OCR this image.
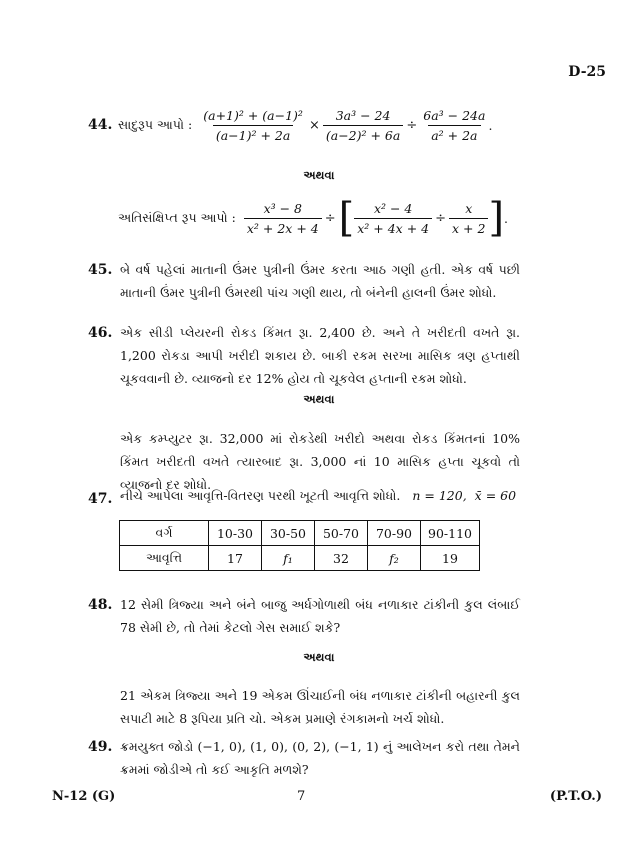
D-25
44. સાદુરૂપ આપો : $\frac{\text{(a+1)² + (a−1)²}}{\text{(a−1)² + 2a}} \times \frac{\text{3a³ − 24}}{\text{(a−2)² + 6a}} \div \frac{\text{6a³ − 24a}}{\text{a² + 2a}}$ .
અથવા
અતિસંક્ષિપ્ત રૂપ આપો : $\frac{\text{x³ − 8}}{\text{x² + 2x + 4}}$ ÷ [ $\frac{\text{x² − 4}}{\text{x² + 4x + 4}} \div \frac{x}{x + 2}$ ] .
45. બે વર્ષ પહેલાં માતાની ઉંમર પુત્રીની ઉંમર કરતા આઠ ગણી હતી. એક વર્ષ પછી માતાની ઉંમર પુત્રીની ઉંમરથી પાંચ ગણી થાય, તો બંનેની હાલની ઉંમર શોધો.
46. એક સીડી પ્લેયરની રોકડ કિંમત રૂા. 2,400 છે. અને તે ખરીદતી વખતે રૂા. 1,200 રોકડા આપી ખરીદી શકાય છે. બાકી રકમ સરખા માસિક ત્રણ હપ્તાથી ચૂકવવાની છે. વ્યાજનો દર 12% હોય તો ચૂકવેલ હપ્તાની રકમ શોધો.
અથવા
એક કમ્પ્યુટર રૂા. 32,000 માં રોકડેથી ખરીદો અથવા રોકડ કિંમતનાં 10% કિંમત ખરીદતી વખતે ત્યારબાદ રૂા. 3,000 નાં 10 માસિક હપ્તા ચૂકવો તો વ્યાજનો દર શોધો.
47. નીચે આપેલા આવૃત્તિ-વિતરણ પરથી ખૂટતી આવૃત્તિ શોધો. n = 120, x̄ = 60
વર્ગ	10-30	30-50	50-70	70-90	90-110
આવૃત્તિ	17	f₁	32	f₂	19
48. 12 સેમી ત્રિજ્યા અને બંને બાજુ અર્ધગોળાથી બંધ નળાકાર ટાંકીની કુલ લંબાઈ 78 સેમી છે, તો તેમાં કેટલો ગેસ સમાઈ શકે?
અથવા
21 એકમ ત્રિજ્યા અને 19 એકમ ઊંચાઈની બંધ નળાકાર ટાંકીની બહારની કુલ સપાટી માટે 8 રૂપિયા પ્રતિ ચો. એકમ પ્રમાણે રંગકામનો ખર્ચ શોધો.
49. ક્રમયુક્ત જોડો (−1, 0), (1, 0), (0, 2), (−1, 1) નું આલેખન કરો તથા તેમને ક્રમમાં જોડીએ તો કઈ આકૃતિ મળશે?
N-12 (G)	7	(P.T.O.)
